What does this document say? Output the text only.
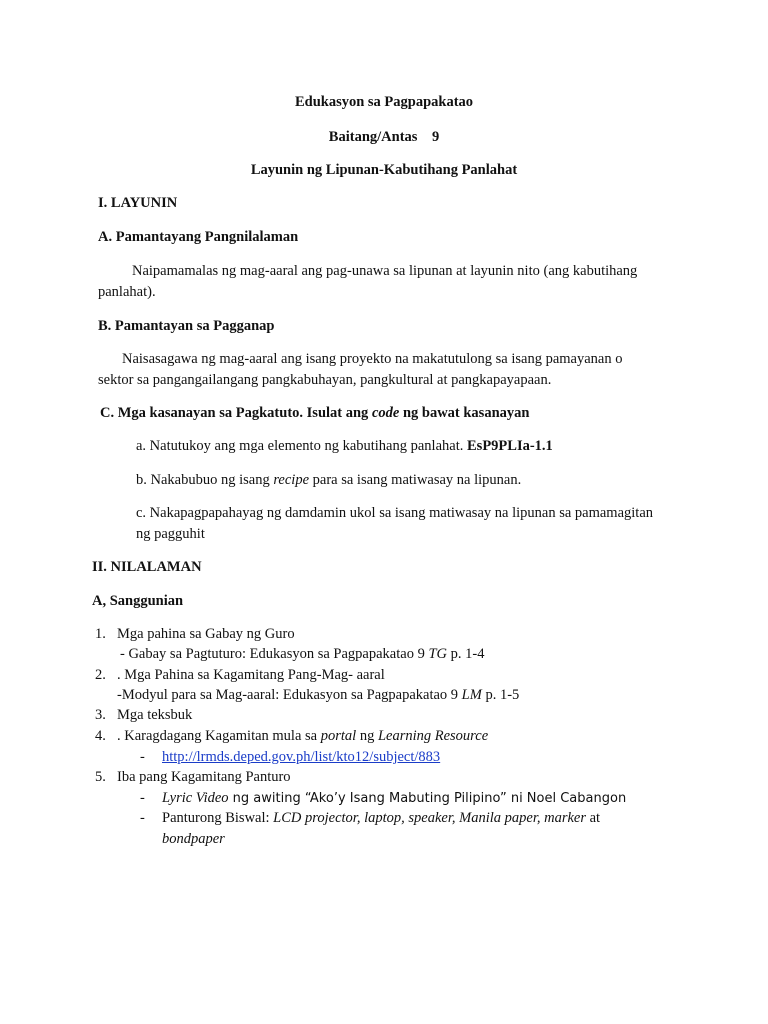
Edukasyon sa Pagpapakatao
Baitang/Antas 9
Layunin ng Lipunan-Kabutihang Panlahat
I. LAYUNIN
A. Pamantayang Pangnilalaman
Naipamamalas ng mag-aaral ang pag-unawa sa lipunan at layunin nito (ang kabutihang
panlahat).
B. Pamantayan sa Pagganap
Naisasagawa ng mag-aaral ang isang proyekto na makatutulong sa isang pamayanan o
sektor sa pangangailangang pangkabuhayan, pangkultural at pangkapayapaan.
C. Mga kasanayan sa Pagkatuto. Isulat ang code ng bawat kasanayan
a. Natutukoy ang mga elemento ng kabutihang panlahat. EsP9PLIa-1.1
b. Nakabubuo ng isang recipe para sa isang matiwasay na lipunan.
c. Nakapagpapahayag ng damdamin ukol sa isang matiwasay na lipunan sa pamamagitan
ng pagguhit
II. NILALAMAN
A, Sanggunian
1. Mga pahina sa Gabay ng Guro
- Gabay sa Pagtuturo: Edukasyon sa Pagpapakatao 9 TG p. 1-4
2. . Mga Pahina sa Kagamitang Pang-Mag- aaral
-Modyul para sa Mag-aaral: Edukasyon sa Pagpapakatao 9 LM p. 1-5
3. Mga teksbuk
4. . Karagdagang Kagamitan mula sa portal ng Learning Resource
- http://lrmds.deped.gov.ph/list/kto12/subject/883
5. Iba pang Kagamitang Panturo
- Lyric Video ng awiting “Ako’y Isang Mabuting Pilipino” ni Noel Cabangon
- Panturong Biswal: LCD projector, laptop, speaker, Manila paper, marker at
bondpaper
